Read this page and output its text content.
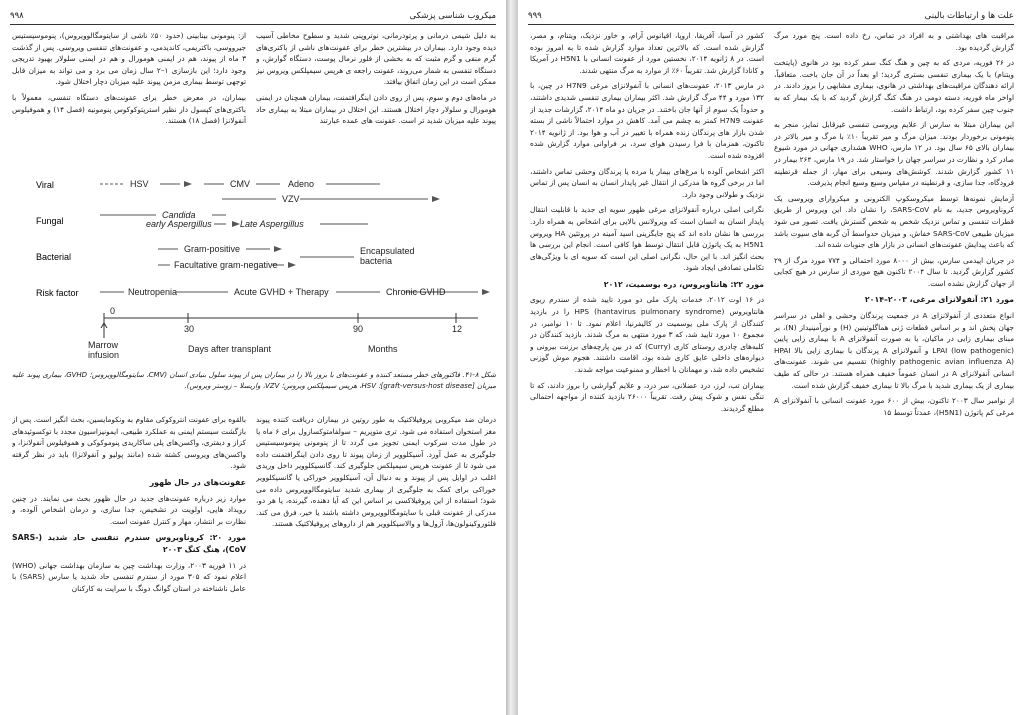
۹۹۸	میکروب شناسی پزشکی

به دلیل شیمی درمانی و پرتودرمانی، نوتروپنی شدید و سطوح مخاطی آسیب دیده وجود دارد. بیماران در بیشترین خطر برای عفونت‌های ناشی از باکتری‌های گرم منفی و گرم مثبت که به بخشی از فلور نرمال پوست، دستگاه گوارش، و دستگاه تنفسی به شمار می‌روند، عفونت راجعه ی هرپس سیمپلکس ویروس نیز ممکن است در این زمان اتفاق بیافتد.

در ماه‌های دوم و سوم، پس از روی دادن اینگرافتمنت، بیماران همچنان در ایمنی هومورال و سلولار دچار اختلال هستند. این اختلال در بیماران مبتلا به بیماری حاد پیوند علیه میزبان شدید تر است. عفونت های عمده عبارتند

از: پنومونی بینابینی (حدود ۵۰٪ ناشی از سایتومگالوویروس)، پنوموسیستیس جیرووسی، باکتریمی، کاندیدمی، و عفونت‌های تنفسی ویروسی. پس از گذشت ۳ ماه از پیوند، هم در ایمنی هومورال و هم در ایمنی سلولار بهبود تدریجی وجود دارد؛ این بازسازی ۱–۲ سال زمان می برد و می تواند به میزان قابل توجهی توسط بیماری مزمن پیوند علیه میزبان دچار اختلال شود.

بیماران، در معرض خطر برای عفونت‌های دستگاه تنفسی، معمولاً با باکتری‌های کپسول دار نظیر استرپتوکوکوس پنومونیه (فصل ۱۴) و هموفیلوس آنفولانزا (فصل ۱۸) هستند.

Viral
Fungal
Bacterial
Risk factor
HSV	CMV	Adeno
VZV
Candida
early Aspergillus	Late Aspergillus
Gram-positive
Facultative gram-negative
Encapsulated
bacteria
Neutropenia	Acute GVHD + Therapy	Chronic GVHD
0
30	90	12
Marrow
infusion
Days after transplant	Months
شکل ۸-۴۱. فاکتور‌های خطر مستعد کننده و عفونت‌های با بروز بالا را در بیماران پس از پیوند سلول بنیادی انسان (CMV، سایتومگالوویروس؛ GVHD، بیماری پیوند علیه میزبان [graft-versus-host disease]؛ HSV، هرپس سیمپلکس ویروس؛ VZV، واریسلا – زوستر ویروس).

درمان ضد میکروبی پروفیلاکتیک به طور روتین در بیماران دریافت کننده پیوند مغز استخوان استفاده می شود. تری متوپریم – سولفامتوکسازول برای ۶ ماه یا در طول مدت سرکوب ایمنی تجویز می گردد تا از پنومونی پنوموسیستیس جلوگیری به عمل آورد. آسیکلوویر از زمان پیوند تا روی دادن اینگرافتمنت داده می شود تا از عفونت هرپس سیمپلکس جلوگیری کند. گانسیکلوویر داخل وریدی اغلب در اوایل پس از پیوند و به دنبال آن، آسیکلوویر خوراکی یا گانسیکلوویر خوراکی برای کمک به جلوگیری از بیماری شدید سایتومگالوویروس داده می شود؛ استفاده از این پروفیلاکسی بر اساس این که آیا دهنده، گیرنده، یا هر دو، مدرکی از عفونت قبلی با سایتومگالوویروس داشته باشند یا خیر، فرق می کند. فلئوروکینولون‌ها، آزول‌ها و والاسیکلوویر هم از داروهای پروفیلاکتیک هستند.

بالقوه برای عفونت انتروکوکی مقاوم به ونکومایسین، بحث انگیز است. پس از بازگشت سیستم ایمنی به عملکرد طبیعی، ایمونیزاسیون مجدد با توکسوئیدهای کزاز و دیفتری، واکسن‌های پلی ساکاریدی پنوموکوکی و هموفیلوس آنفولانزا، و واکسن‌های ویروسی کشته شده (مانند پولیو و آنفولانزا) باید در نظر گرفته شود.

عفونت‌های در حال ظهور

موارد زیر درباره عفونت‌های جدید در حال ظهور بحث می نمایند. در چنین رویداد هایی، اولویت در تشخیص، جدا سازی، و درمان اشخاص آلوده، و نظارت بر انتشار، مهار و کنترل عفونت است.

مورد ۲۰: کروناویروس سندرم تنفسی حاد شدید (SARS-CoV)، هنگ کنگ ۲۰۰۳

در ۱۱ فوریه ۲۰۰۳، وزارت بهداشت چین به سازمان بهداشت جهانی (WHO) اعلام نمود که ۳۰۵ مورد از سندرم تنفسی حاد شدید یا سارس (SARS) با عامل ناشناخته در استان گوانگ دونگ با سرایت به کارکنان

۹۹۹	علت ها و ارتباطات بالینی

مراقبت های بهداشتی و به افراد در تماس، رخ داده است. پنج مورد مرگ گزارش گردیده بود.

در ۲۶ فوریه، مردی که به چین و هنگ کنگ سفر کرده بود در هانوی (پایتخت ویتنام) با یک بیماری تنفسی بستری گردید؛ او بعداً در آن جان باخت. متعاقباً، ارائه دهندگان مراقبت‌های بهداشتی در هانوی، بیماری مشابهی را بروز دادند. در اواخر ماه فوریه، دسته دومی در هنگ کنگ گزارش گردید که با یک بیمار که به جنوب چین سفر کرده بود، ارتباط داشت.

این بیماران مبتلا به سارس از علایم ویروسی تنفسی غیرقابل تمایز، منجر به پنومونی برخوردار بودند. میزان مرگ و میر تقریباً ۱۰٪ با مرگ و میر بالاتر در بیماران بالای ۶۵ سال بود. در ۱۲ مارس، WHO هشداری جهانی در مورد شیوع صادر کرد و نظارت در سراسر جهان را خواستار شد. در ۱۹ مارس، ۲۶۴ بیمار در ۱۱ کشور گزارش شدند. کوشش‌های وسیعی برای مهار، از جمله قرنطینه فرودگاه، جدا سازی، و قرنطینه در مقیاس وسیع وسیع انجام پذیرفت.

آزمایش نمونه‌ها توسط میکروسکوپ الکترونی و میکروارای ویروسی یک کروناویروس جدید، به نام SARS-CoV، را نشان داد. این ویروس از طریق قطرات تنفسی و تماس نزدیک شخص به شخص گسترش یافت. تصور می شود میزبان طبیعی SARS-CoV خفاش، و میزبان حدواسط آن گربه های سیوت باشد که باعث پیدایش عفونت‌های انسانی در بازار های جنوبات شده اند.

در جریان اپیدمی سارس، بیش از ۸۰۰۰ مورد احتمالی و ۷۷۴ مورد مرگ از ۲۹ کشور گزارش گردید. تا سال ۲۰۰۴ تاکنون هیچ موردی از سارس در هیچ کجایی از جهان گزارش نشده است.

مورد ۲۱: آنفولانزای مرغی، ۲۰۰۳–۲۰۱۴

انواع متعددی از آنفولانزای A در جمعیت پرندگان وحشی و اهلی در سراسر جهان پخش اند و بر اساس قطعات ژنی هماگلوتینین (H) و نورآمینیداز (N)، بر مبنای بیماری زایی در ماکیان، یا به صورت آنفولانزای A با بیماری زایی پایین (low pathogenic) LPAI و آنفولانزای A پرندگان با بیماری زایی بالا HPAI (highly pathogenic avian influenza A) تقسیم می شوند. عفونت‌های انسانی آنفولانزای A در انسان عموماً خفیف همراه هستند. در حالی که طیف بیماری از یک بیماری شدید با مرگ بالا تا بیماری خفیف گزارش شده است.

از نوامبر سال ۲۰۰۳ تاکنون، بیش از ۶۰۰ مورد عفونت انسانی با آنفولانزای A مرغی کم پاتوژن (H5N1)، عمدتاً توسط ۱۵

کشور در آسیا، آفریقا، اروپا، اقیانوس آرام، و خاور نزدیک، ویتنام، و مصر، گزارش شده است. که بالاترین تعداد موارد گزارش شده تا به امروز بوده است. در ۸ ژانویه ۲۰۱۴، نخستین مورد از عفونت انسانی با H5N1 در آمریکا و کانادا گزارش شد. تقریباً ۶۰٪ از موارد به مرگ منتهی شدند.

در مارس ۲۰۱۳، عفونت‌های انسانی با آنفولانزای مرغی H7N9 در چین، با ۱۳۲ مورد و ۴۴ مرگ گزارش شد. اکثر بیماران بیماری تنفسی شدیدی داشتند، و حدوداً یک سوم از آنها جان باختند. در جریان دو ماه ۲۰۱۴، گزارشات جدید از عفونت H7N9 کمتر به چشم می آمد. کاهش در موارد احتمالاً ناشی از بسته شدن بازار های پرندگان زنده همراه با تغییر در آب و هوا بود. از ژانویه ۲۰۱۴ تاکنون، همزمان با فرا رسیدن هوای سرد، بر فراوانی موارد گزارش شده افزوده شده است.

اکثر اشخاص آلوده با مرغ‌های بیمار یا مرده یا پرندگان وحشی تماس داشتند، اما در برخی گروه ها مدرکی از انتقال غیر پایدار انسان به انسان پس از تماس نزدیک و طولانی وجود دارد.

نگرانی اصلی درباره آنفولانزای مرغی ظهور سویه ای جدید با قابلیت انتقال پایدار انسان به انسان است که ویرولانس بالایی برای اشخاص به همراه دارد. بررسی ها نشان داده اند که پنج جایگزینی اسید آمینه در پروتئین HA ویروس H5N1 به یک پاتوژن قابل انتقال توسط هوا کافی است. انجام این بررسی ها بحث انگیز اند. با این حال، نگرانی اصلی این است که سویه ای با ویژگی‌های تکاملی تصادفی ایجاد شود.

مورد ۲۲: هانتاویروس، دره یوسمیت، ۲۰۱۲

در ۱۶ اوت ۲۰۱۲، خدمات پارک ملی دو مورد تایید شده از سندرم ریوی هانتاویروس (hantavirus pulmonary syndrome) HPS را در بازدید کنندگان از پارک ملی یوسمیت در کالیفرنیا، اعلام نمود. تا ۱۰ نوامبر، در مجموع ۱۰ مورد تایید شد، که ۳ مورد منتهی به مرگ شدند. بازدید کنندگان در کلبه‌های چادری روستای کاری (Curry) که در بین پارچه‌های برزنت بیرونی و دیواره‌های داخلی عایق کاری شده بود، اقامت داشتند. هجوم موش گوزنی تشخیص داده شد، و مهمانان با اخطار و ممنوعیت مواجه شدند.

بیماران تب، لرز، درد عضلانی، سر درد، و علایم گوارشی را بروز دادند، که تا تنگی نفس و شوک پیش رفت. تقریباً ۲۶۰۰۰ بازدید کننده از مواجهه احتمالی مطلع گردیدند.
